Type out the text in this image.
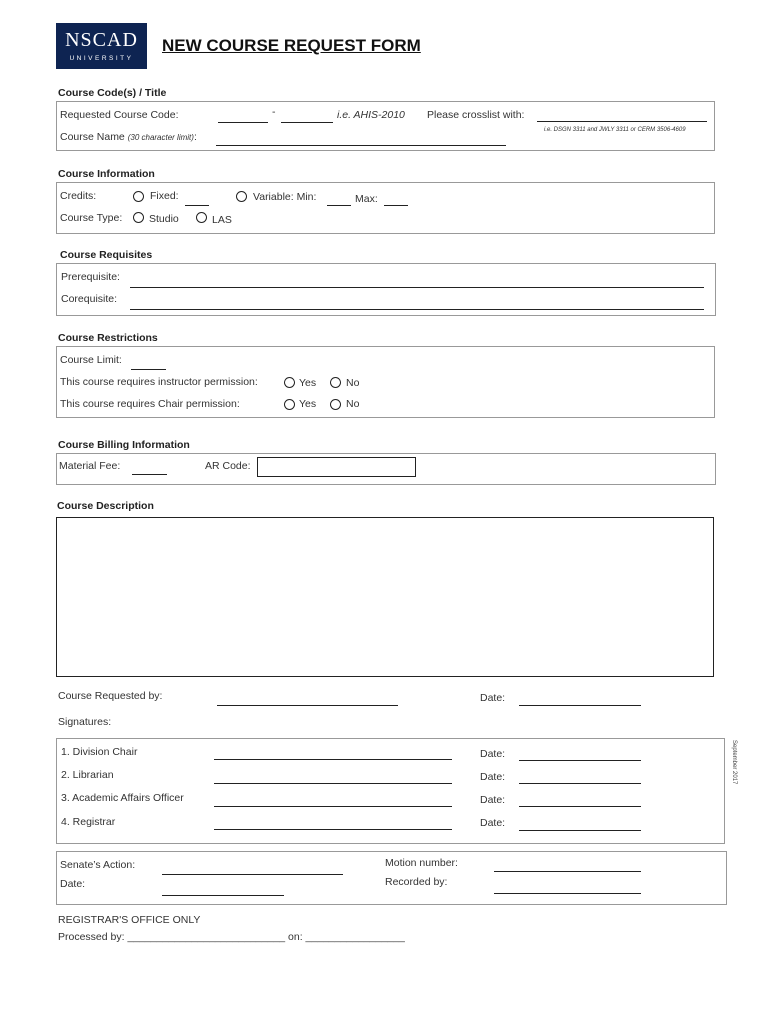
NSCAD
UNIVERSITY
NEW COURSE REQUEST FORM
Course Code(s) / Title
Requested Course Code:	-	i.e. AHIS-2010 Please crosslist with:
i.e. DSGN 3311 and JWLY 3311 or CERM 3506-4609
Course Name (30 character limit):
Course Information
Credits:	Fixed:	Variable: Min:	Max:
Course Type:	Studio	LAS
Course Requisites
Prerequisite:
Corequisite:
Course Restrictions
Course Limit:
This course requires instructor permission:	Yes	No
This course requires Chair permission:	Yes	No
Course Billing Information
Material Fee:	AR Code:
Course Description
Course Requested by:	Date:
Signatures:
1. Division Chair	Date:
2. Librarian	Date:
3. Academic Affairs Officer	Date:
4. Registrar	Date:
September 2017
Senate’s Action:
Date:
Motion number:
Recorded by:
REGISTRAR'S OFFICE ONLY
Processed by: ___________________________ on: _________________
